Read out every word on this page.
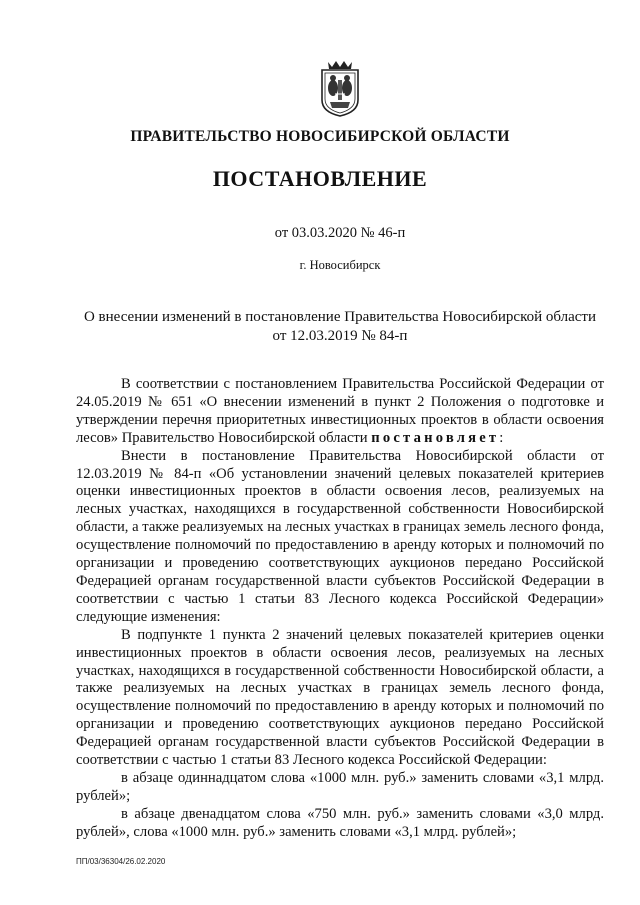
ПРАВИТЕЛЬСТВО НОВОСИБИРСКОЙ ОБЛАСТИ
ПОСТАНОВЛЕНИЕ
от 03.03.2020 № 46-п
г. Новосибирск
О внесении изменений в постановление Правительства Новосибирской области
от 12.03.2019 № 84-п

В соответствии с постановлением Правительства Российской Федерации от 24.05.2019 № 651 «О внесении изменений в пункт 2 Положения о подготовке и утверждении перечня приоритетных инвестиционных проектов в области освоения лесов» Правительство Новосибирской области постановляет:

Внести в постановление Правительства Новосибирской области от 12.03.2019 № 84-п «Об установлении значений целевых показателей критериев оценки инвестиционных проектов в области освоения лесов, реализуемых на лесных участках, находящихся в государственной собственности Новосибирской области, а также реализуемых на лесных участках в границах земель лесного фонда, осуществление полномочий по предоставлению в аренду которых и полномочий по организации и проведению соответствующих аукционов передано Российской Федерацией органам государственной власти субъектов Российской Федерации в соответствии с частью 1 статьи 83 Лесного кодекса Российской Федерации» следующие изменения:

В подпункте 1 пункта 2 значений целевых показателей критериев оценки инвестиционных проектов в области освоения лесов, реализуемых на лесных участках, находящихся в государственной собственности Новосибирской области, а также реализуемых на лесных участках в границах земель лесного фонда, осуществление полномочий по предоставлению в аренду которых и полномочий по организации и проведению соответствующих аукционов передано Российской Федерацией органам государственной власти субъектов Российской Федерации в соответствии с частью 1 статьи 83 Лесного кодекса Российской Федерации:

в абзаце одиннадцатом слова «1000 млн. руб.» заменить словами «3,1 млрд. рублей»;

в абзаце двенадцатом слова «750 млн. руб.» заменить словами «3,0 млрд. рублей», слова «1000 млн. руб.» заменить словами «3,1 млрд. рублей»;

ПП/03/36304/26.02.2020
